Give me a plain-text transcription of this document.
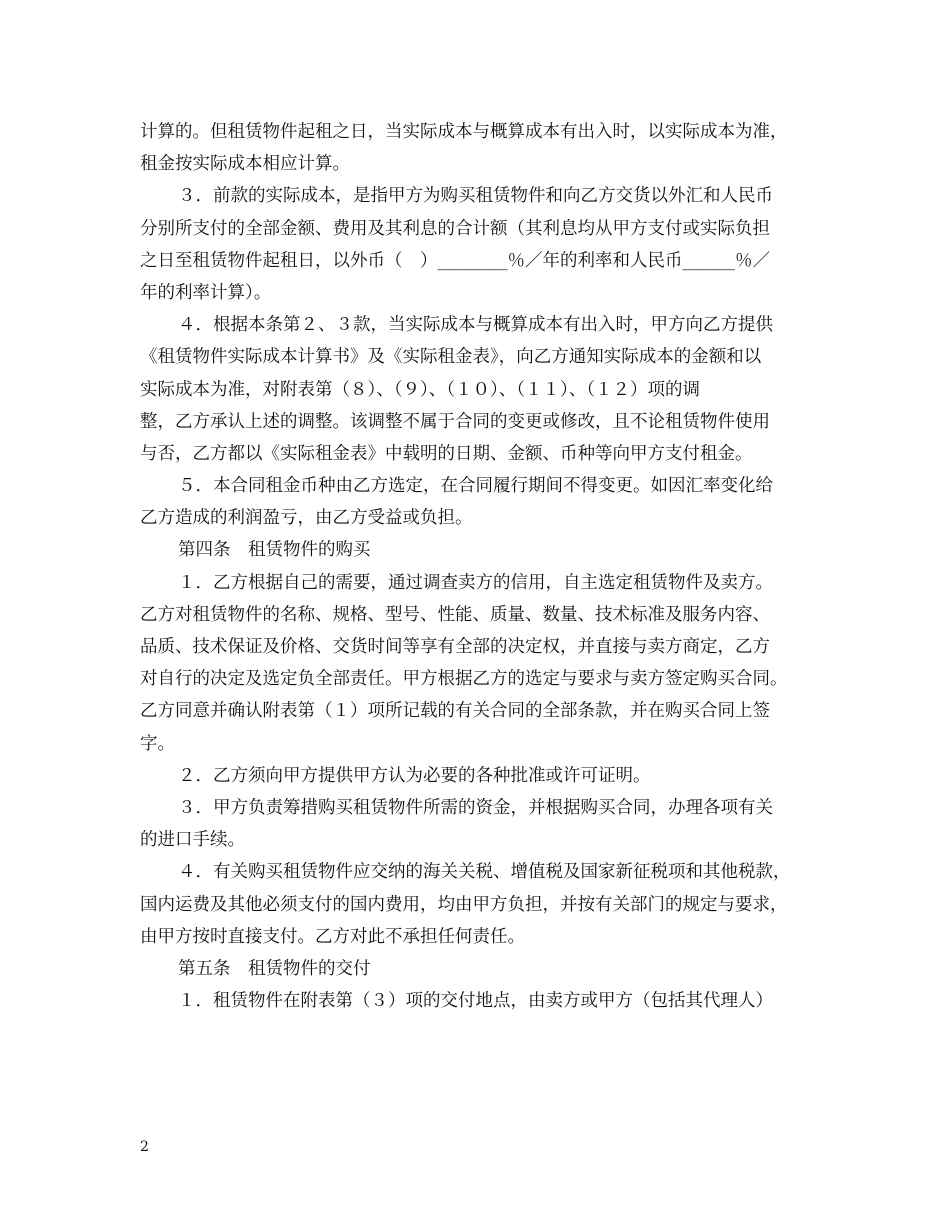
计算的。但租赁物件起租之日，当实际成本与概算成本有出入时，以实际成本为准，
租金按实际成本相应计算。
３．前款的实际成本，是指甲方为购买租赁物件和向乙方交货以外汇和人民币
分别所支付的全部金额、费用及其利息的合计额（其利息均从甲方支付或实际负担
之日至租赁物件起租日，以外币（　）________％／年的利率和人民币______％／
年的利率计算）。
４．根据本条第２、３款，当实际成本与概算成本有出入时，甲方向乙方提供
《租赁物件实际成本计算书》及《实际租金表》，向乙方通知实际成本的金额和以
实际成本为准，对附表第（８）、（９）、（１０）、（１１）、（１２）项的调
整，乙方承认上述的调整。该调整不属于合同的变更或修改，且不论租赁物件使用
与否，乙方都以《实际租金表》中载明的日期、金额、币种等向甲方支付租金。
５．本合同租金币种由乙方选定，在合同履行期间不得变更。如因汇率变化给
乙方造成的利润盈亏，由乙方受益或负担。
第四条　租赁物件的购买
１．乙方根据自己的需要，通过调查卖方的信用，自主选定租赁物件及卖方。
乙方对租赁物件的名称、规格、型号、性能、质量、数量、技术标准及服务内容、
品质、技术保证及价格、交货时间等享有全部的决定权，并直接与卖方商定，乙方
对自行的决定及选定负全部责任。甲方根据乙方的选定与要求与卖方签定购买合同。
乙方同意并确认附表第（１）项所记载的有关合同的全部条款，并在购买合同上签
字。
２．乙方须向甲方提供甲方认为必要的各种批准或许可证明。
３．甲方负责筹措购买租赁物件所需的资金，并根据购买合同，办理各项有关
的进口手续。
４．有关购买租赁物件应交纳的海关关税、增值税及国家新征税项和其他税款，
国内运费及其他必须支付的国内费用，均由甲方负担，并按有关部门的规定与要求，
由甲方按时直接支付。乙方对此不承担任何责任。
第五条　租赁物件的交付
１．租赁物件在附表第（３）项的交付地点，由卖方或甲方（包括其代理人）
2
